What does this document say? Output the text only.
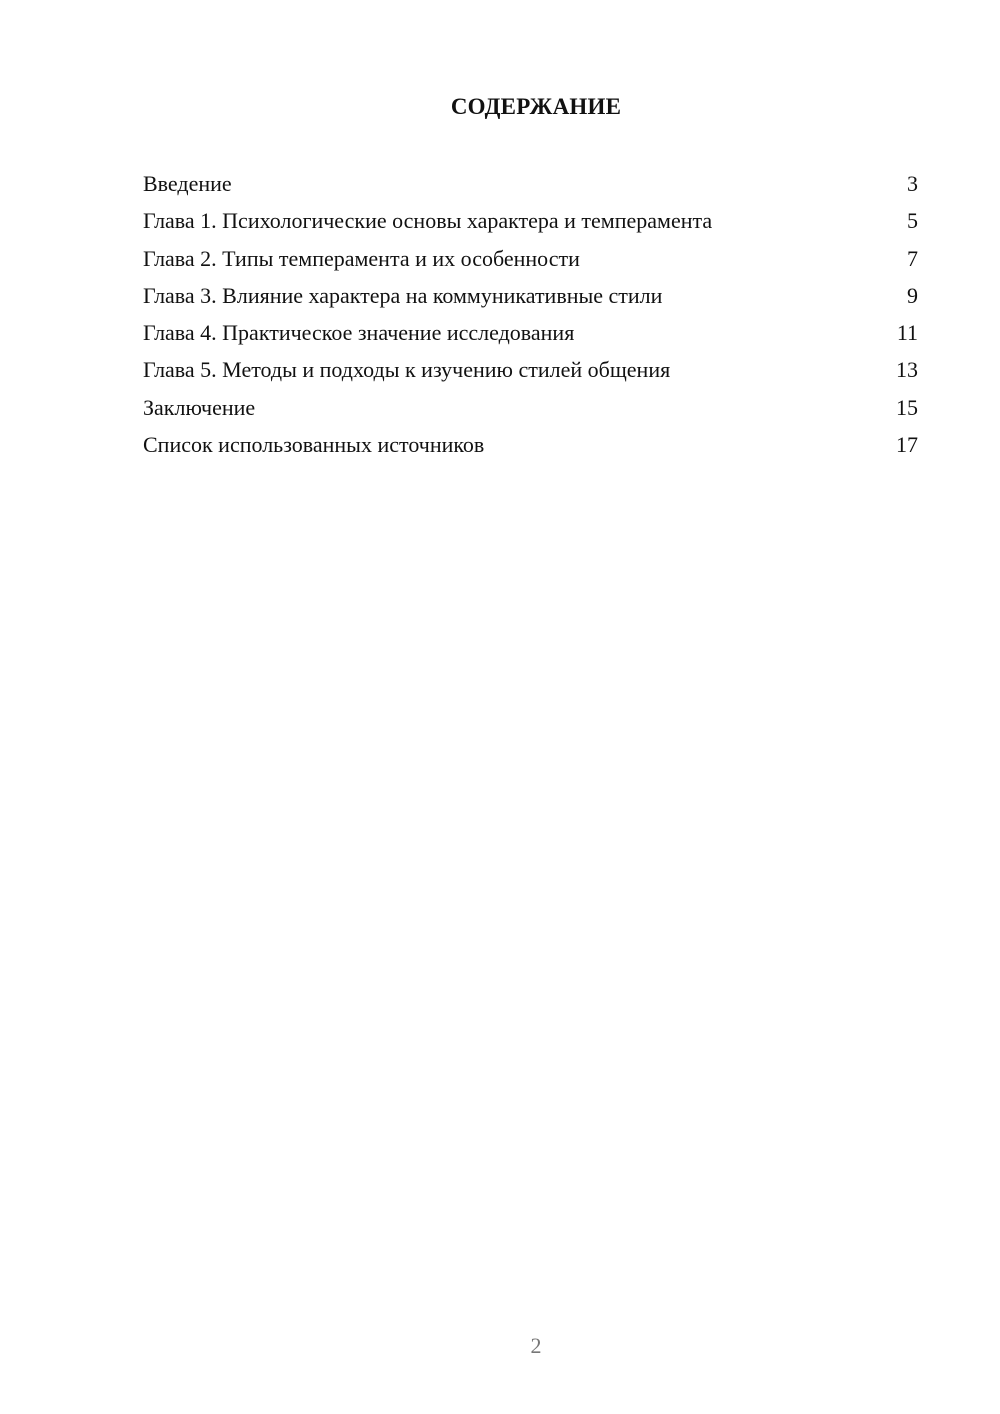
СОДЕРЖАНИЕ
Введение	3
Глава 1. Психологические основы характера и темперамента	5
Глава 2. Типы темперамента и их особенности	7
Глава 3. Влияние характера на коммуникативные стили	9
Глава 4. Практическое значение исследования	11
Глава 5. Методы и подходы к изучению стилей общения	13
Заключение	15
Список использованных источников	17
2
